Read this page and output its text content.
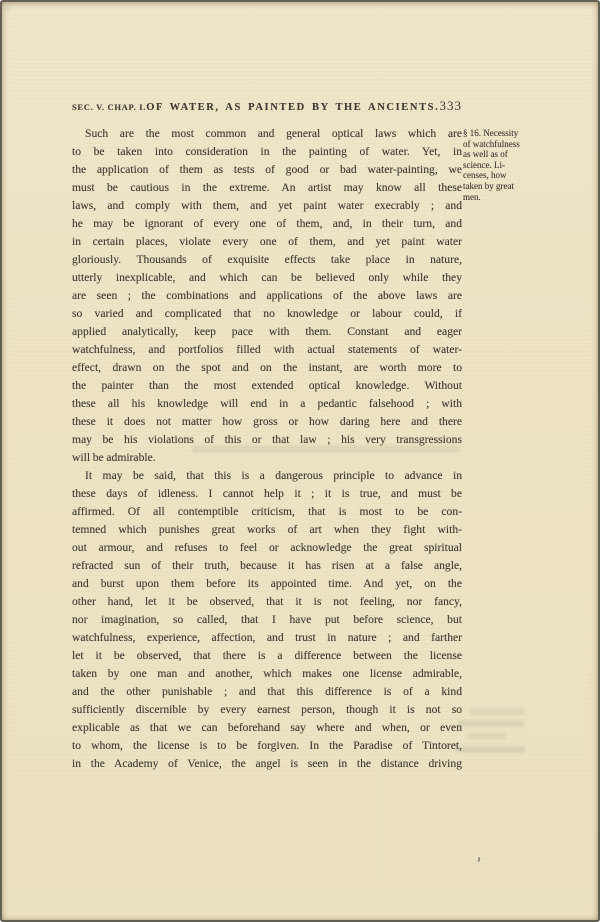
SEC. V. CHAP. I. OF WATER, AS PAINTED BY THE ANCIENTS. 333
Such are the most common and general optical laws which are
to be taken into consideration in the painting of water. Yet, in
the application of them as tests of good or bad water-painting, we
must be cautious in the extreme. An artist may know all these
laws, and comply with them, and yet paint water execrably ; and
he may be ignorant of every one of them, and, in their turn, and
in certain places, violate every one of them, and yet paint water
gloriously. Thousands of exquisite effects take place in nature,
utterly inexplicable, and which can be believed only while they
are seen ; the combinations and applications of the above laws are
so varied and complicated that no knowledge or labour could, if
applied analytically, keep pace with them. Constant and eager
watchfulness, and portfolios filled with actual statements of water-
effect, drawn on the spot and on the instant, are worth more to
the painter than the most extended optical knowledge. Without
these all his knowledge will end in a pedantic falsehood ; with
these it does not matter how gross or how daring here and there
may be his violations of this or that law ; his very transgressions
will be admirable.
It may be said, that this is a dangerous principle to advance in
these days of idleness. I cannot help it ; it is true, and must be
affirmed. Of all contemptible criticism, that is most to be con-
temned which punishes great works of art when they fight with-
out armour, and refuses to feel or acknowledge the great spiritual
refracted sun of their truth, because it has risen at a false angle,
and burst upon them before its appointed time. And yet, on the
other hand, let it be observed, that it is not feeling, nor fancy,
nor imagination, so called, that I have put before science, but
watchfulness, experience, affection, and trust in nature ; and farther
let it be observed, that there is a difference between the license
taken by one man and another, which makes one license admirable,
and the other punishable ; and that this difference is of a kind
sufficiently discernible by every earnest person, though it is not so
explicable as that we can beforehand say where and when, or even
to whom, the license is to be forgiven. In the Paradise of Tintoret,
in the Academy of Venice, the angel is seen in the distance driving
§ 16. Necessity
of watchfulness
as well as of
science. Li-
censes, how
taken by great
men.
